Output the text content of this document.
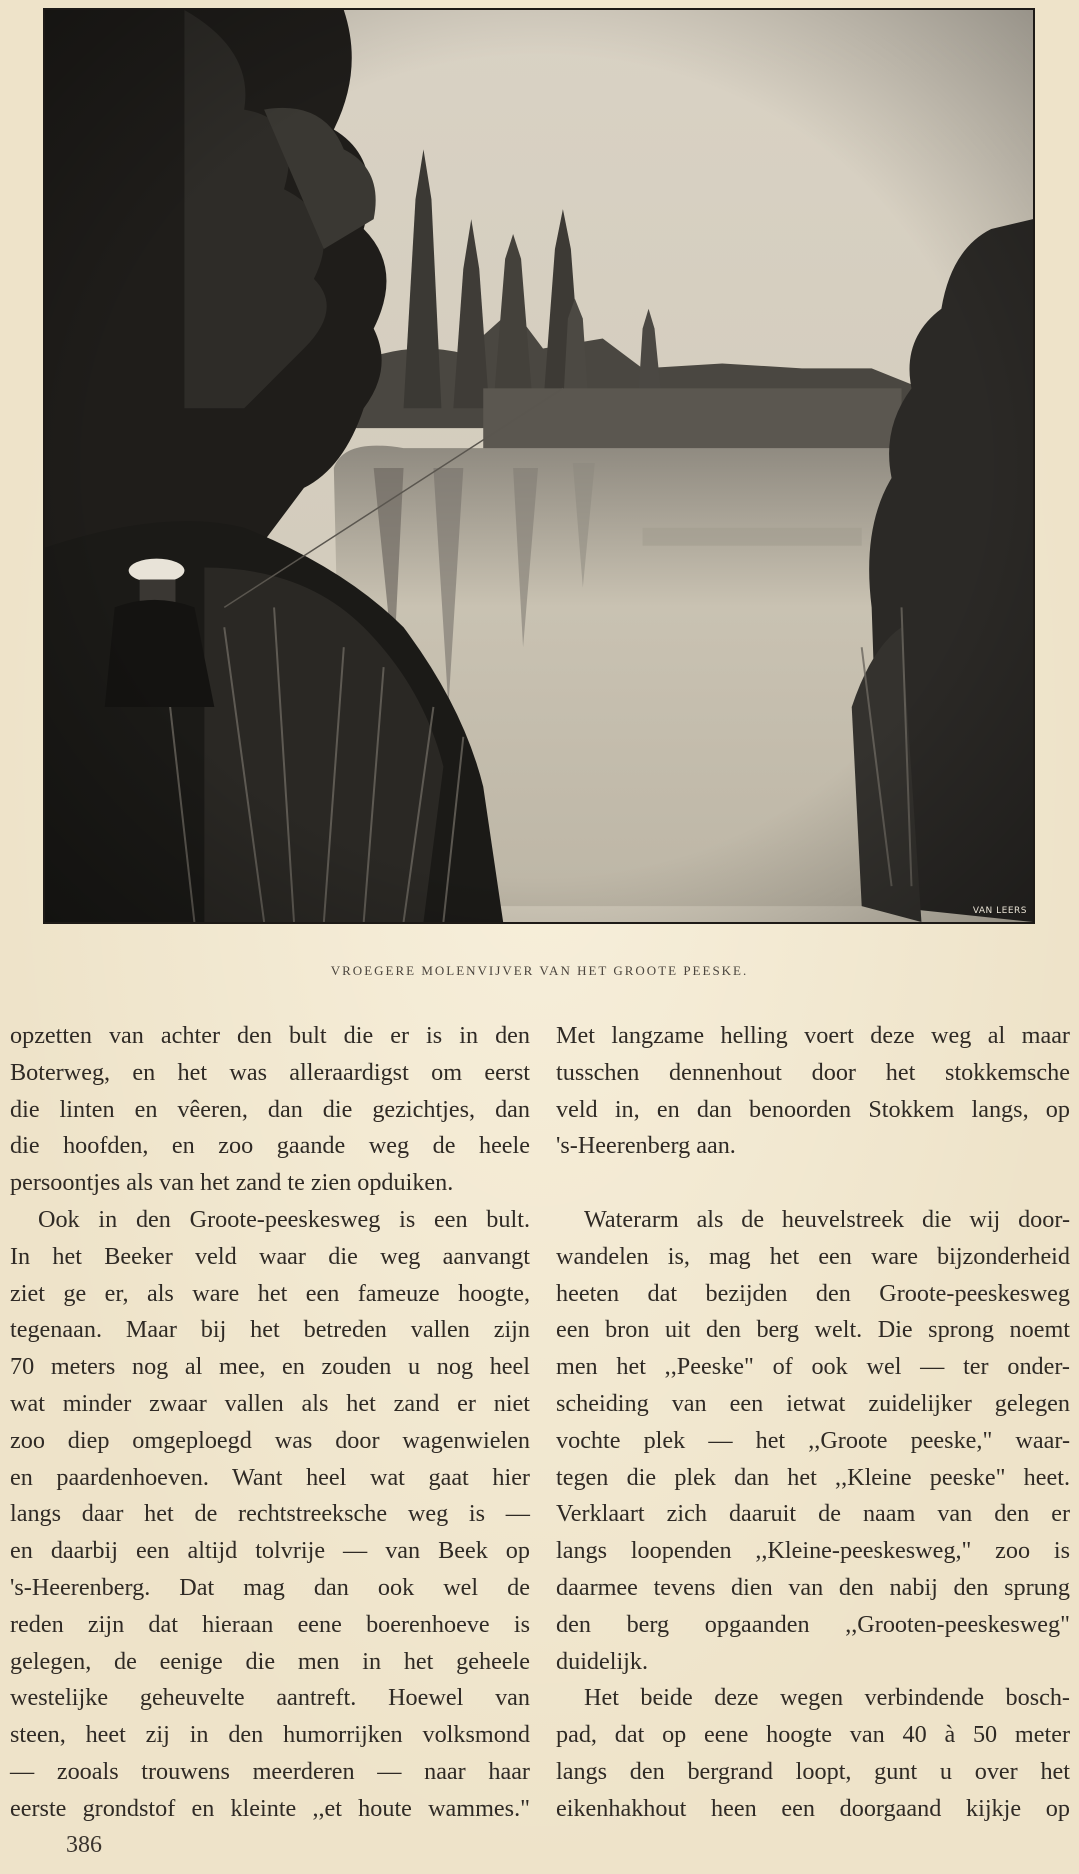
VAN LEERS
VROEGERE MOLENVIJVER VAN HET GROOTE PEESKE.
opzetten van achter den bult die er is in den
Boterweg, en het was alleraardigst om eerst
die linten en vêeren, dan die gezichtjes, dan
die hoofden, en zoo gaande weg de heele
persoontjes als van het zand te zien opduiken.
Ook in den Groote-peeskesweg is een bult.
In het Beeker veld waar die weg aanvangt
ziet ge er, als ware het een fameuze hoogte,
tegenaan. Maar bij het betreden vallen zijn
70 meters nog al mee, en zouden u nog heel
wat minder zwaar vallen als het zand er niet
zoo diep omgeploegd was door wagenwielen
en paardenhoeven. Want heel wat gaat hier
langs daar het de rechtstreeksche weg is —
en daarbij een altijd tolvrije — van Beek op
's-Heerenberg. Dat mag dan ook wel de
reden zijn dat hieraan eene boerenhoeve is
gelegen, de eenige die men in het geheele
westelijke geheuvelte aantreft. Hoewel van
steen, heet zij in den humorrijken volksmond
— zooals trouwens meerderen — naar haar
eerste grondstof en kleinte ,,et houte wammes."
Met langzame helling voert deze weg al maar
tusschen dennenhout door het stokkemsche
veld in, en dan benoorden Stokkem langs, op
's-Heerenberg aan.
Waterarm als de heuvelstreek die wij door-
wandelen is, mag het een ware bijzonderheid
heeten dat bezijden den Groote-peeskesweg
een bron uit den berg welt. Die sprong noemt
men het ,,Peeske" of ook wel — ter onder-
scheiding van een ietwat zuidelijker gelegen
vochte plek — het ,,Groote peeske," waar-
tegen die plek dan het ,,Kleine peeske" heet.
Verklaart zich daaruit de naam van den er
langs loopenden ,,Kleine-peeskesweg," zoo is
daarmee tevens dien van den nabij den sprung
den berg opgaanden ,,Grooten-peeskesweg"
duidelijk.
Het beide deze wegen verbindende bosch-
pad, dat op eene hoogte van 40 à 50 meter
langs den bergrand loopt, gunt u over het
eikenhakhout heen een doorgaand kijkje op
386
